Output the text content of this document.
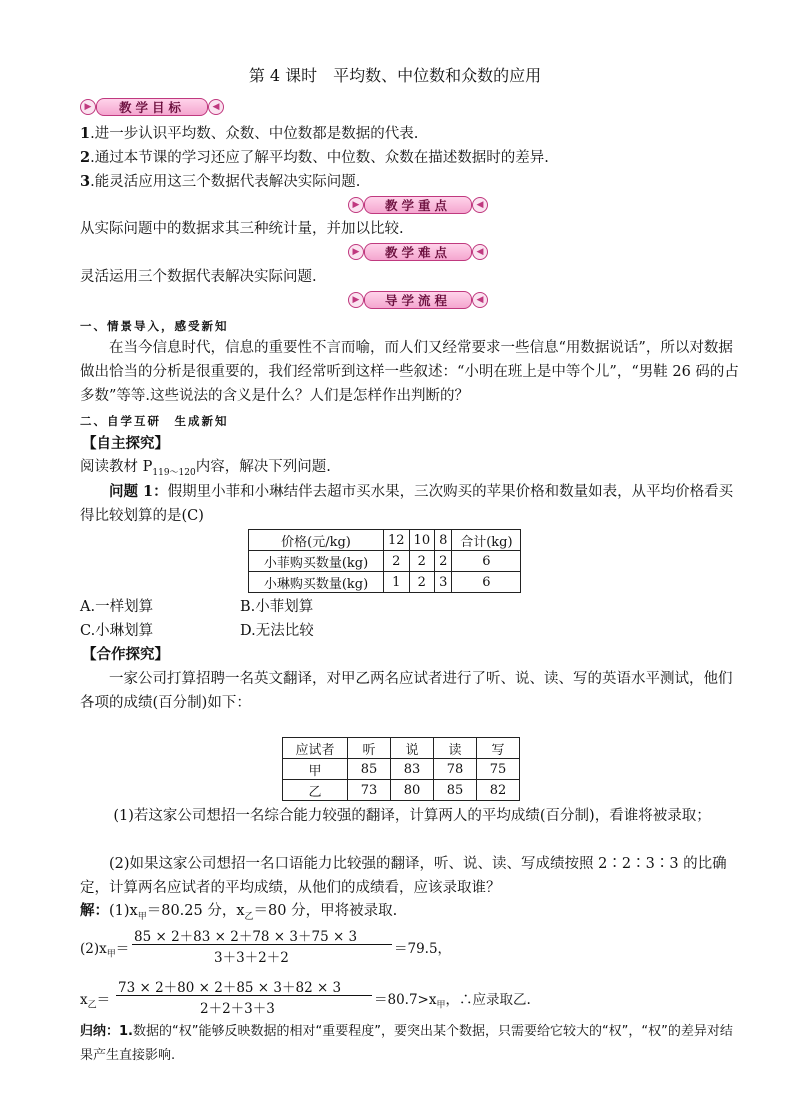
第 4 课时　平均数、中位数和众数的应用
▶	教学目标	◀
1.进一步认识平均数、众数、中位数都是数据的代表.
2.通过本节课的学习还应了解平均数、中位数、众数在描述数据时的差异.
3.能灵活应用这三个数据代表解决实际问题.
▶	教学重点	◀
从实际问题中的数据求其三种统计量，并加以比较.
▶	教学难点	◀
灵活运用三个数据代表解决实际问题.
▶	导学流程	◀
一、情景导入，感受新知
在当今信息时代，信息的重要性不言而喻，而人们又经常要求一些信息“用数据说话”，所以对数据做出恰当的分析是很重要的，我们经常听到这样一些叙述：“小明在班上是中等个儿”，“男鞋 26 码的占多数”等等.这些说法的含义是什么？人们是怎样作出判断的？
二、自学互研　生成新知
【自主探究】
阅读教材 $P_{119\sim 120}$内容，解决下列问题.
问题 1：假期里小菲和小琳结伴去超市买水果，三次购买的苹果价格和数量如表，从平均价格看买得比较划算的是(C)
价格(元/kg)	12	10	8	合计(kg)
小菲购买数量(kg)	2	2	2	6
小琳购买数量(kg)	1	2	3	6
A.一样划算	B.小菲划算
C.小琳划算	D.无法比较
【合作探究】
一家公司打算招聘一名英文翻译，对甲乙两名应试者进行了听、说、读、写的英语水平测试，他们各项的成绩(百分制)如下：
应试者	听	说	读	写
甲	85	83	78	75
乙	73	80	85	82
(1)若这家公司想招一名综合能力较强的翻译，计算两人的平均成绩(百分制)，看谁将被录取；
(2)如果这家公司想招一名口语能力比较强的翻译，听、说、读、写成绩按照 2∶2∶3∶3 的比确定，计算两名应试者的平均成绩，从他们的成绩看，应该录取谁？
解：$(1)x_甲=80.25$ 分，$x_乙=80$ 分，甲将被录取.
$(2)x_甲=$
85 × 2＋83 × 2＋78 × 3＋75 × 3
3＋3＋2＋2
＝79.5，
$x_乙=$
73 × 2＋80 × 2＋85 × 3＋82 × 3
2＋2＋3＋3
$=80.7>x_甲$，∴应录取乙.
归纳：1.数据的“权”能够反映数据的相对“重要程度”，要突出某个数据，只需要给它较大的“权”，“权”的差异对结果产生直接影响.
